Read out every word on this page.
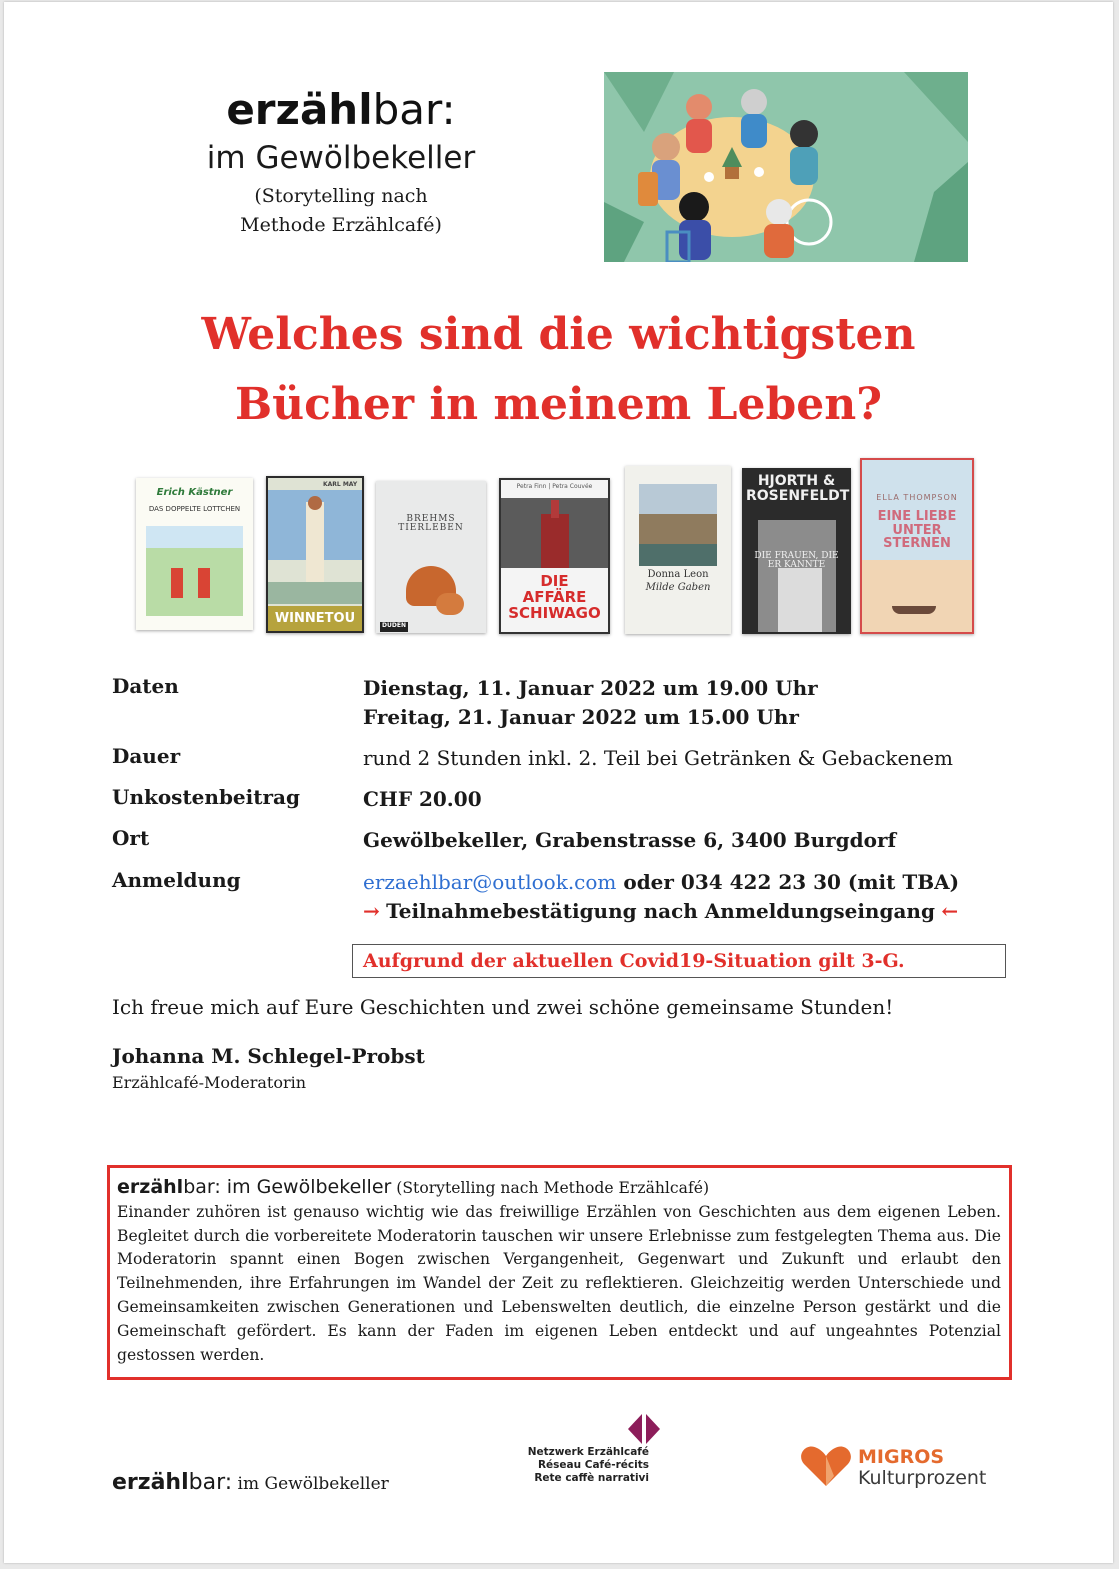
erzählbar:
im Gewölbekeller
(Storytelling nach
Methode Erzählcafé)
Welches sind die wichtigsten
Bücher in meinem Leben?
Erich Kästner
DAS DOPPELTE LOTTCHEN
KARL MAY
WINNETOU
BREHMS TIERLEBEN
DUDEN
Petra Finn | Petra Couvée
DIE AFFÄRE SCHIWAGO
Donna Leon
Milde Gaben
HJORTH & ROSENFELDT
DIE FRAUEN, DIE ER KANNTE
ELLA THOMPSON
EINE LIEBE UNTER STERNEN
Daten	Dienstag, 11. Januar 2022 um 19.00 Uhr
Freitag, 21. Januar 2022 um 15.00 Uhr
Dauer	rund 2 Stunden inkl. 2. Teil bei Getränken & Gebackenem
Unkostenbeitrag	CHF 20.00
Ort	Gewölbekeller, Grabenstrasse 6, 3400 Burgdorf
Anmeldung	erzaehlbar@outlook.com oder 034 422 23 30 (mit TBA)
→ Teilnahmebestätigung nach Anmeldungseingang ←
Aufgrund der aktuellen Covid19-Situation gilt 3-G.
Ich freue mich auf Eure Geschichten und zwei schöne gemeinsame Stunden!
Johanna M. Schlegel-Probst
Erzählcafé-Moderatorin
erzählbar: im Gewölbekeller (Storytelling nach Methode Erzählcafé)

Einander zuhören ist genauso wichtig wie das freiwillige Erzählen von Geschichten aus dem eigenen Leben. Begleitet durch die vorbereitete Moderatorin tauschen wir unsere Erlebnisse zum festgelegten Thema aus. Die Moderatorin spannt einen Bogen zwischen Vergangenheit, Gegenwart und Zukunft und erlaubt den Teilnehmenden, ihre Erfahrungen im Wandel der Zeit zu reflektieren. Gleichzeitig werden Unterschiede und Gemeinsamkeiten zwischen Generationen und Lebenswelten deutlich, die einzelne Person gestärkt und die Gemeinschaft gefördert. Es kann der Faden im eigenen Leben entdeckt und auf ungeahntes Potenzial gestossen werden.

erzählbar: im Gewölbekeller
Netzwerk Erzählcafé
Réseau Café-récits
Rete caffè narrativi
MIGROS
Kulturprozent
